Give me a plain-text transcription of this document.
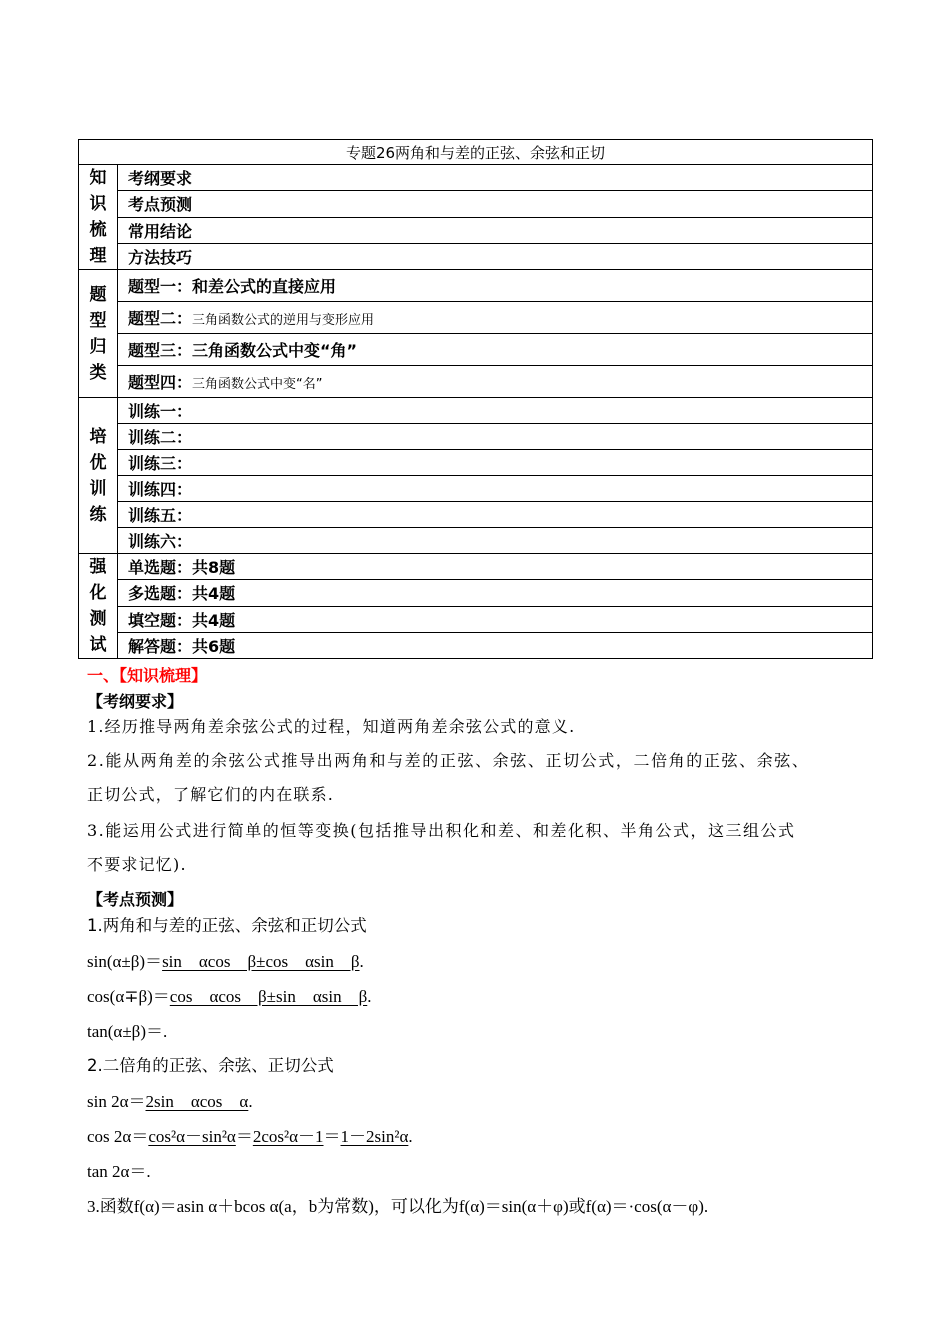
专题26两角和与差的正弦、余弦和正切	

知
识
梳
理	考纲要求
	考点预测
	常用结论
	方法技巧

题
型
归
类	题型一：和差公式的直接应用
	题型二：三角函数公式的逆用与变形应用
	题型三：三角函数公式中变“角”
	题型四：三角函数公式中变“名”

培
优
训
练	训练一：
	训练二：
	训练三：
	训练四：
	训练五：
	训练六：

强
化
测
试	单选题：共8题
	多选题：共4题
	填空题：共4题
	解答题：共6题
一、【知识梳理】
【考纲要求】
1.经历推导两角差余弦公式的过程，知道两角差余弦公式的意义.
2.能从两角差的余弦公式推导出两角和与差的正弦、余弦、正切公式，二倍角的正弦、余弦、
正切公式，了解它们的内在联系.
3.能运用公式进行简单的恒等变换(包括推导出积化和差、和差化积、半角公式，这三组公式
不要求记忆).
【考点预测】
1.两角和与差的正弦、余弦和正切公式
sin(α±β)＝sin　αcos　β±cos　αsin　β.
cos(α∓β)＝cos　αcos　β±sin　αsin　β.
tan(α±β)＝.
2.二倍角的正弦、余弦、正切公式
sin 2α＝2sin　αcos　α.
cos 2α＝cos²α－sin²α＝2cos²α－1＝1－2sin²α.
tan 2α＝.
3.函数f(α)＝asin α＋bcos α(a，b为常数)，可以化为f(α)＝sin(α＋φ)或f(α)＝·cos(α－φ).
